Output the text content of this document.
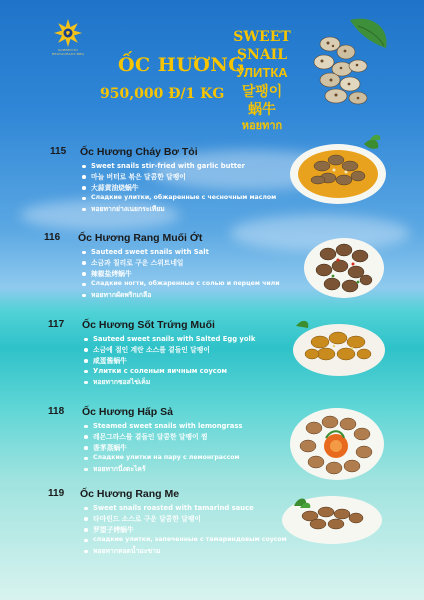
SORRENTO RESTAURANT.BBQ	ỐC HƯƠNG
950,000 Đ/1 KG
SWEET SNAIL
УЛИТКА
달팽이
蜗牛
หอยทาก
115 Ốc Hương Cháy Bơ Tỏi
Sweet snails stir-fried with garlic butter
마늘 버터로 볶은 달콤한 달팽이
大蒜黄油烧蜗牛
Сладкие улитки, обжаренные с чесночным маслом
หอยทากย่างเนยกระเทียม
116 Ốc Hương Rang Muối Ớt
Sauteed sweet snails with Salt
소금과 칠리로 구운 스위트네일
辣椒盐烤蜗牛
Сладкие ногти, обжаренные с солью и перцем чили
หอยทากผัดพริกเกลือ
117 Ốc Hương Sốt Trứng Muối
Sauteed sweet snails with Salted Egg yolk
소금에 절인 계란 소스를 곁들인 달팽이
咸蛋酱蜗牛
Улитки с соленым яичным соусом
หอยทากซอสไข่เค็ม
118 Ốc Hương Hấp Sả
Steamed sweet snails with lemongrass
레몬그라스를 곁들인 달콤한 달팽이 찜
香茅蒸蜗牛
Сладкие улитки на пару с лемонграссом
หอยทากนึ่งตะไคร้
119 Ốc Hương Rang Me
Sweet snails roasted with tamarind sauce
타마린드 소스로 구운 달콤한 달팽이
罗望子烤蜗牛
сладкие улитки, запеченные с тамариндовым соусом
หอยทากทอดน้ำมะขาม
